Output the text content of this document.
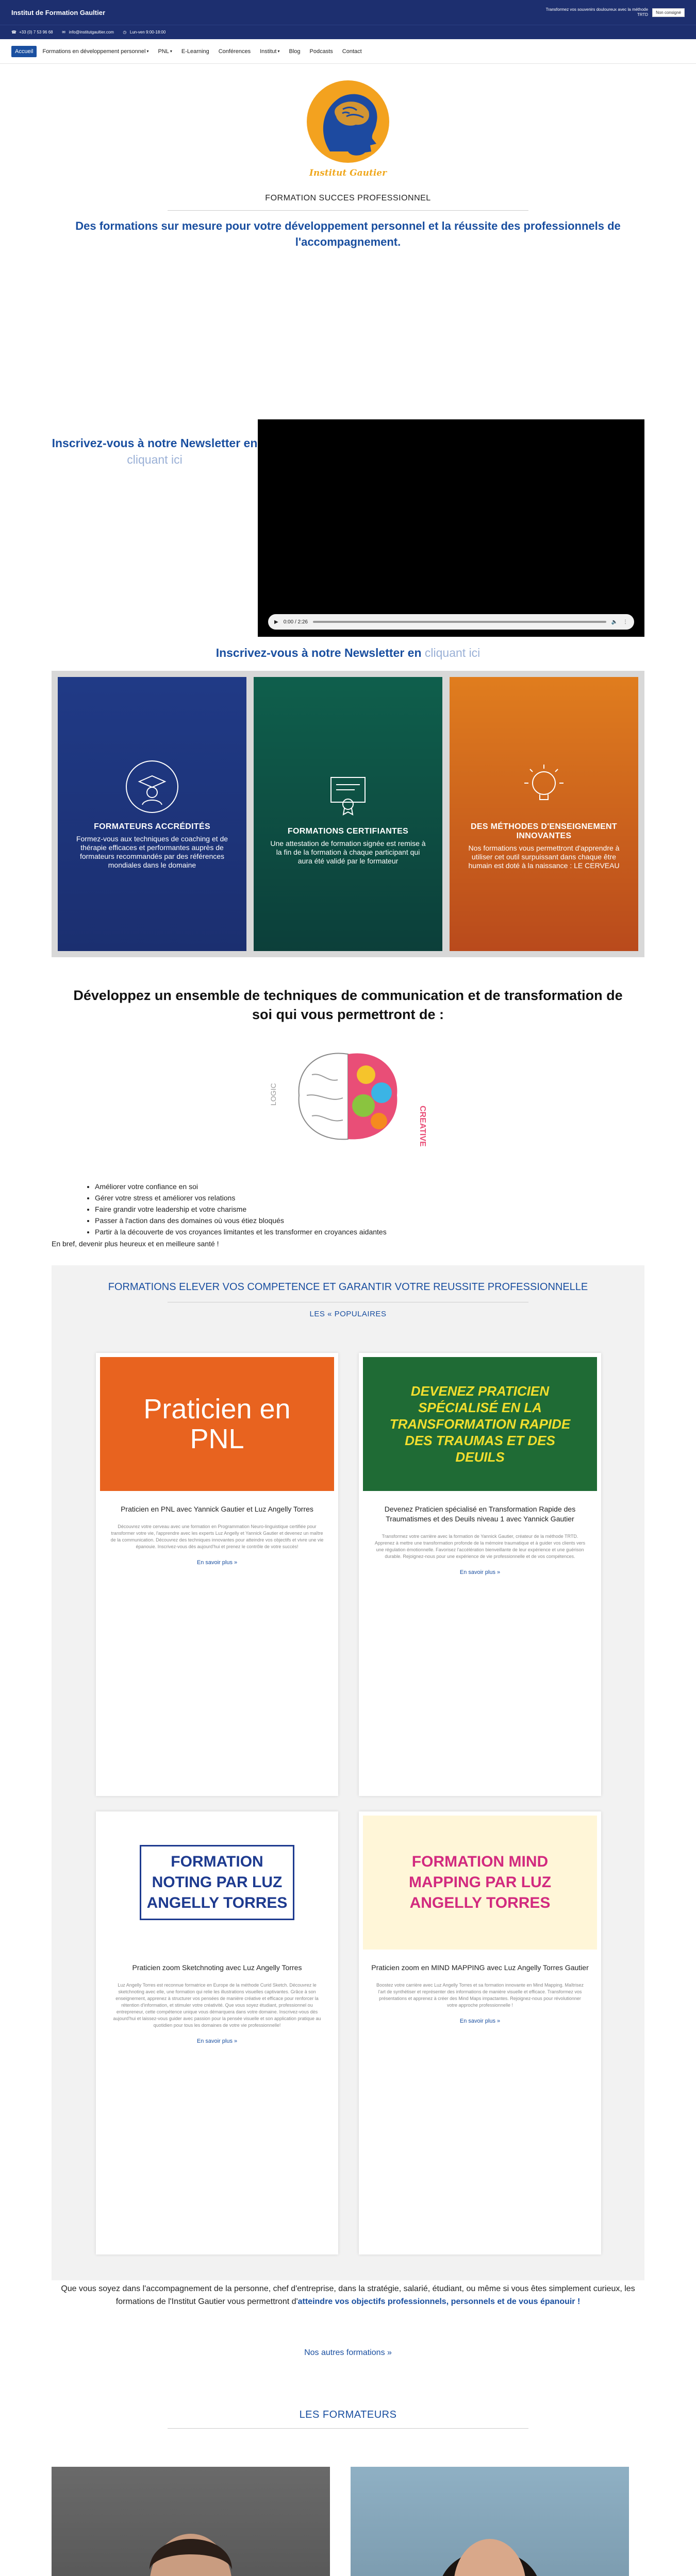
Institut de Formation Gaultier	Transformez vos souvenirs douloureux avec la méthode TRTD	Non consigné
☎ +33 (0) 7 53 96 68 ✉ info@institutgaultier.com ◷ Lun-ven 9:00-18:00
Accueil Formations en développement personnel ▾ PNL ▾ E-Learning Conférences Institut ▾ Blog Podcasts Contact
Institut Gautier
FORMATION SUCCES PROFESSIONNEL
Des formations sur mesure pour votre développement personnel et la réussite des professionnels de l'accompagnement.

Inscrivez-vous à notre Newsletter en cliquant ici

▶ 0:00 / 2:26	🔈 ⋮
Inscrivez-vous à notre Newsletter en cliquant ici
FORMATEURS ACCRÉDITÉS

Formez-vous aux techniques de coaching et de thérapie efficaces et performantes auprès de formateurs recommandés par des références mondiales dans le domaine

FORMATIONS CERTIFIANTES

Une attestation de formation signée est remise à la fin de la formation à chaque participant qui aura été validé par le formateur

DES MÉTHODES D'ENSEIGNEMENT INNOVANTES

Nos formations vous permettront d'apprendre à utiliser cet outil surpuissant dans chaque être humain est doté à la naissance : LE CERVEAU

Développez un ensemble de techniques de communication et de transformation de soi qui vous permettront de :
LOGIC
CREATIVE
• Améliorer votre confiance en soi
• Gérer votre stress et améliorer vos relations
• Faire grandir votre leadership et votre charisme
• Passer à l'action dans des domaines où vous étiez bloqués
• Partir à la découverte de vos croyances limitantes et les transformer en croyances aidantes
En bref, devenir plus heureux et en meilleure santé !
FORMATIONS ELEVER VOS COMPETENCE ET GARANTIR VOTRE REUSSITE PROFESSIONNELLE
LES « POPULAIRES
Praticien en PNL
Praticien en PNL avec Yannick Gautier et Luz Angelly Torres

Découvrez votre cerveau avec une formation en Programmation Neuro-linguistique certifiée pour transformer votre vie, l'apprendre avec les experts Luz Angelly et Yannick Gautier et devenez un maître de la communication. Découvrez des techniques innovantes pour atteindre vos objectifs et vivre une vie épanouie. Inscrivez-vous dès aujourd'hui et prenez le contrôle de votre succès!

En savoir plus »
DEVENEZ PRATICIEN SPÉCIALISÉ EN LA TRANSFORMATION RAPIDE DES TRAUMAS ET DES DEUILS
Devenez Praticien spécialisé en Transformation Rapide des Traumatismes et des Deuils niveau 1 avec Yannick Gautier

Transformez votre carrière avec la formation de Yannick Gautier, créateur de la méthode TRTD. Apprenez à mettre une transformation profonde de la mémoire traumatique et à guider vos clients vers une régulation émotionnelle. Favorisez l'accélération bienveillante de leur expérience et une guérison durable. Rejoignez-nous pour une expérience de vie professionnelle et de vos compétences.

En savoir plus »
FORMATION NOTING PAR LUZ ANGELLY TORRES
Praticien zoom Sketchnoting avec Luz Angelly Torres

Luz Angelly Torres est reconnue formatrice en Europe de la méthode Curid Sketch. Découvrez le sketchnoting avec elle, une formation qui relie les illustrations visuelles captivantes. Grâce à son enseignement, apprenez à structurer vos pensées de manière créative et efficace pour renforcer la rétention d'information, et stimuler votre créativité. Que vous soyez étudiant, professionnel ou entrepreneur, cette compétence unique vous démarquera dans votre domaine. Inscrivez-vous dès aujourd'hui et laissez-vous guider avec passion pour la pensée visuelle et son application pratique au quotidien pour tous les domaines de votre vie professionnelle!

En savoir plus »
FORMATION MIND MAPPING PAR LUZ ANGELLY TORRES
Praticien zoom en MIND MAPPING avec Luz Angelly Torres Gautier

Boostez votre carrière avec Luz Angelly Torres et sa formation innovante en Mind Mapping. Maîtrisez l'art de synthétiser et représenter des informations de manière visuelle et efficace. Transformez vos présentations et apprenez à créer des Mind Maps impactantes. Rejoignez-nous pour révolutionner votre approche professionnelle !

En savoir plus »
Que vous soyez dans l'accompagnement de la personne, chef d'entreprise, dans la stratégie, salarié, étudiant, ou même si vous êtes simplement curieux, les formations de l'Institut Gautier vous permettront d'atteindre vos objectifs professionnels, personnels et de vous épanouir !
Nos autres formations »
LES FORMATEURS
